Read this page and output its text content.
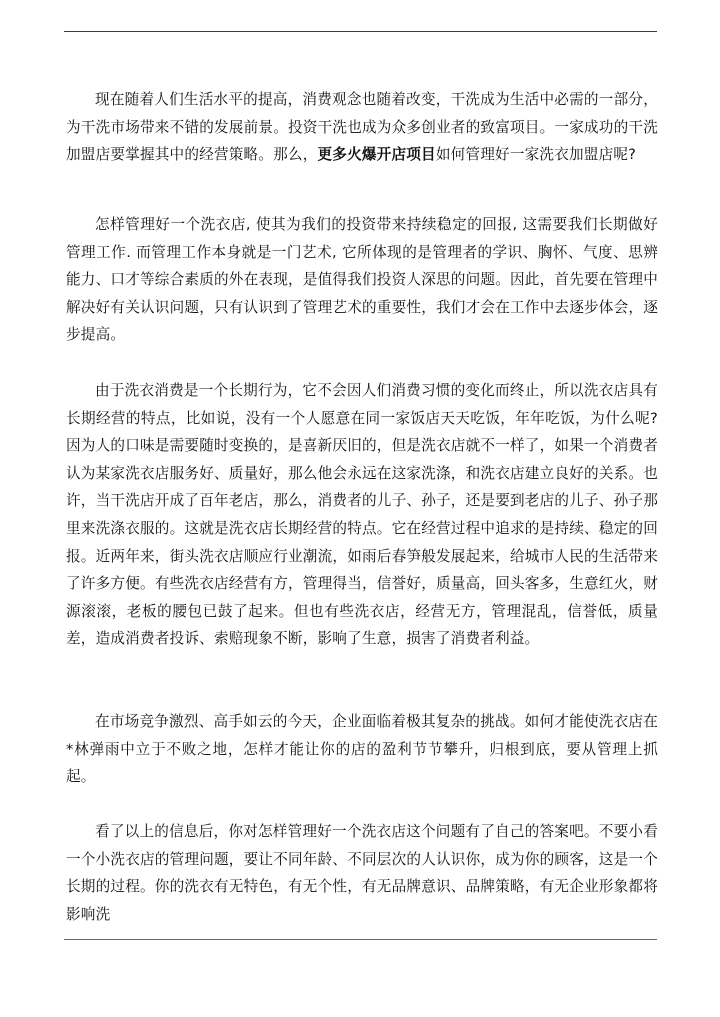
现在随着人们生活水平的提高，消费观念也随着改变，干洗成为生活中必需的一部分，为干洗市场带来不错的发展前景。投资干洗也成为众多创业者的致富项目。一家成功的干洗加盟店要掌握其中的经营策略。那么，更多火爆开店项目如何管理好一家洗衣加盟店呢?

怎样管理好一个洗衣店, 使其为我们的投资带来持续稳定的回报, 这需要我们长期做好管理工作. 而管理工作本身就是一门艺术, 它所体现的是管理者的学识、胸怀、气度、思辨能力、口才等综合素质的外在表现，是值得我们投资人深思的问题。因此，首先要在管理中解决好有关认识问题，只有认识到了管理艺术的重要性，我们才会在工作中去逐步体会，逐步提高。

由于洗衣消费是一个长期行为，它不会因人们消费习惯的变化而终止，所以洗衣店具有长期经营的特点，比如说，没有一个人愿意在同一家饭店天天吃饭，年年吃饭，为什么呢?因为人的口味是需要随时变换的，是喜新厌旧的，但是洗衣店就不一样了，如果一个消费者认为某家洗衣店服务好、质量好，那么他会永远在这家洗涤，和洗衣店建立良好的关系。也许，当干洗店开成了百年老店，那么，消费者的儿子、孙子，还是要到老店的儿子、孙子那里来洗涤衣服的。这就是洗衣店长期经营的特点。它在经营过程中追求的是持续、稳定的回报。近两年来，街头洗衣店顺应行业潮流，如雨后春笋般发展起来，给城市人民的生活带来了许多方便。有些洗衣店经营有方，管理得当，信誉好，质量高，回头客多，生意红火，财源滚滚，老板的腰包已鼓了起来。但也有些洗衣店，经营无方，管理混乱，信誉低，质量差，造成消费者投诉、索赔现象不断，影响了生意，损害了消费者利益。

在市场竞争激烈、高手如云的今天，企业面临着极其复杂的挑战。如何才能使洗衣店在*林弹雨中立于不败之地，怎样才能让你的店的盈利节节攀升，归根到底，要从管理上抓起。

看了以上的信息后，你对怎样管理好一个洗衣店这个问题有了自己的答案吧。不要小看一个小洗衣店的管理问题，要让不同年龄、不同层次的人认识你，成为你的顾客，这是一个长期的过程。你的洗衣有无特色，有无个性，有无品牌意识、品牌策略，有无企业形象都将影响洗
